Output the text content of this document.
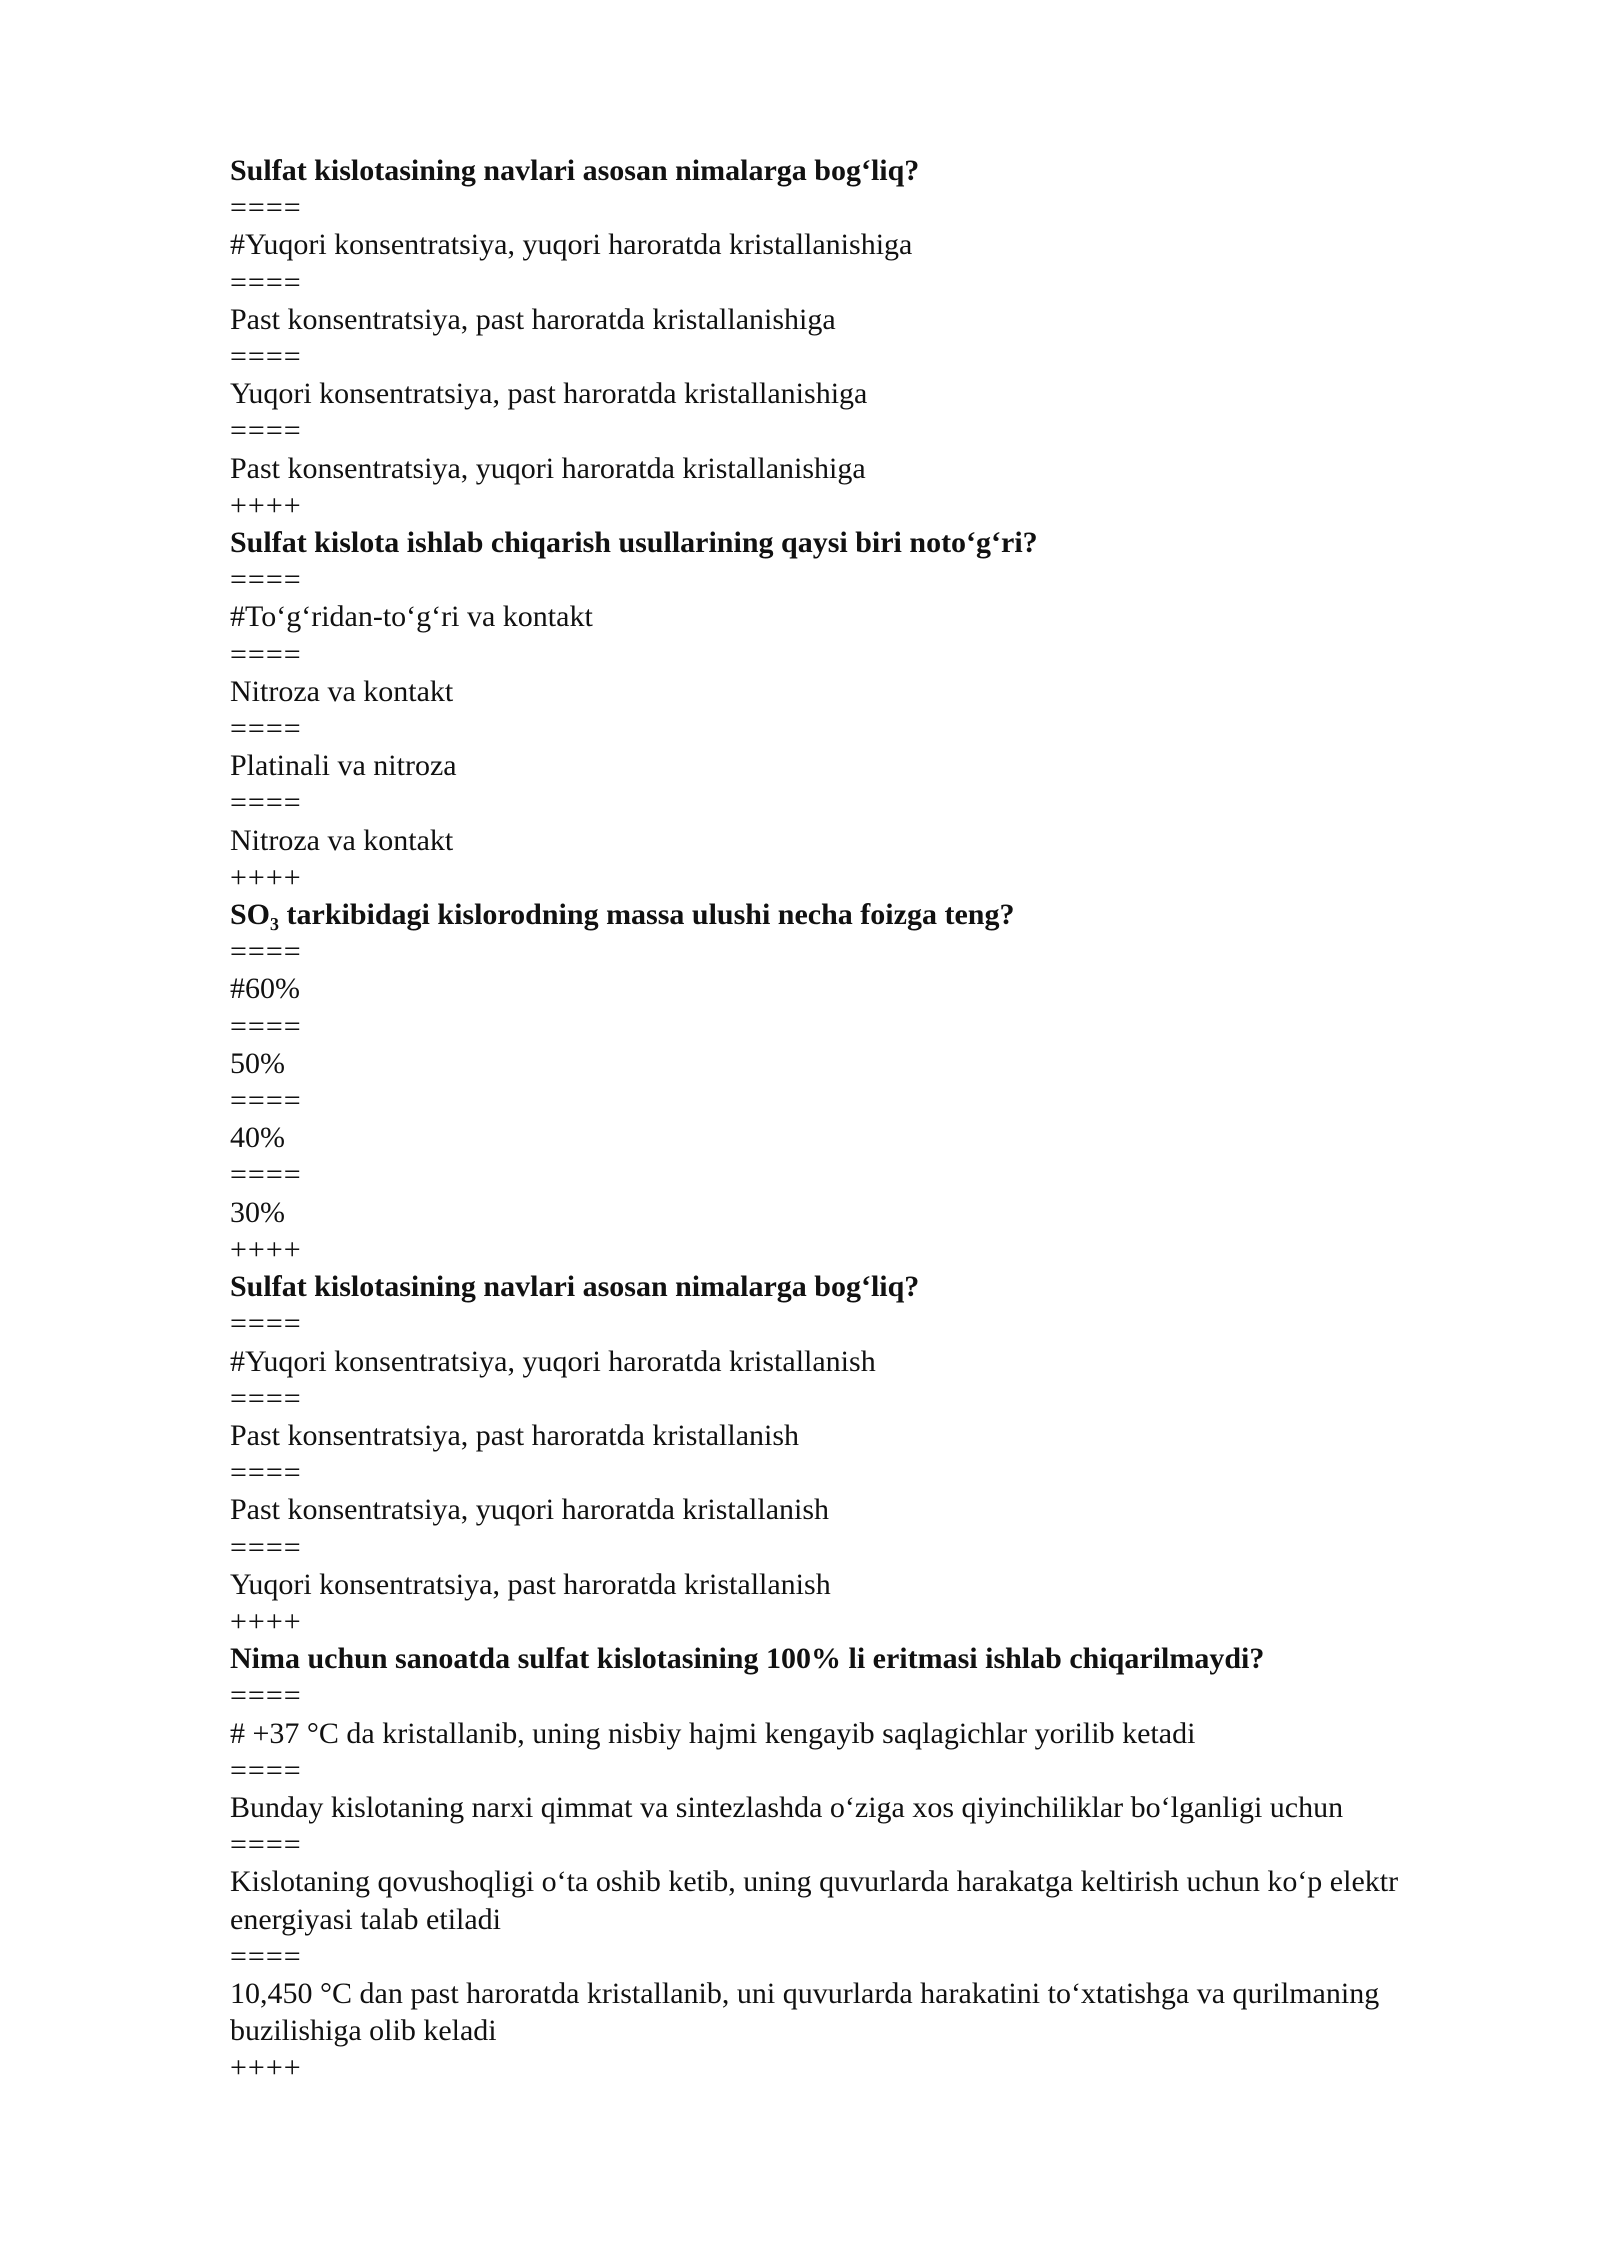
Sulfat kislotasining navlari asosan nimalarga bog‘liq?

====

#Yuqori konsentratsiya, yuqori haroratda kristallanishiga

====

Past konsentratsiya, past haroratda kristallanishiga

====

Yuqori konsentratsiya, past haroratda kristallanishiga

====

Past konsentratsiya, yuqori haroratda kristallanishiga

++++

Sulfat kislota ishlab chiqarish usullarining qaysi biri noto‘g‘ri?

====

#To‘g‘ridan-to‘g‘ri va kontakt

====

Nitroza va kontakt

====

Platinali va nitroza

====

Nitroza va kontakt

++++

SO₃ tarkibidagi kislorodning massa ulushi necha foizga teng?

====

#60%

====

50%

====

40%

====

30%

++++

Sulfat kislotasining navlari asosan nimalarga bog‘liq?

====

#Yuqori konsentratsiya, yuqori haroratda kristallanish

====

Past konsentratsiya, past haroratda kristallanish

====

Past konsentratsiya, yuqori haroratda kristallanish

====

Yuqori konsentratsiya, past haroratda kristallanish

++++

Nima uchun sanoatda sulfat kislotasining 100% li eritmasi ishlab chiqarilmaydi?

====

# +37 °C da kristallanib, uning nisbiy hajmi kengayib saqlagichlar yorilib ketadi

====

Bunday kislotaning narxi qimmat va sintezlashda o‘ziga xos qiyinchiliklar bo‘lganligi uchun

====

Kislotaning qovushoqligi o‘ta oshib ketib, uning quvurlarda harakatga keltirish uchun ko‘p elektr energiyasi talab etiladi

====

10,450 °C dan past haroratda kristallanib, uni quvurlarda harakatini to‘xtatishga va qurilmaning buzilishiga olib keladi

++++
